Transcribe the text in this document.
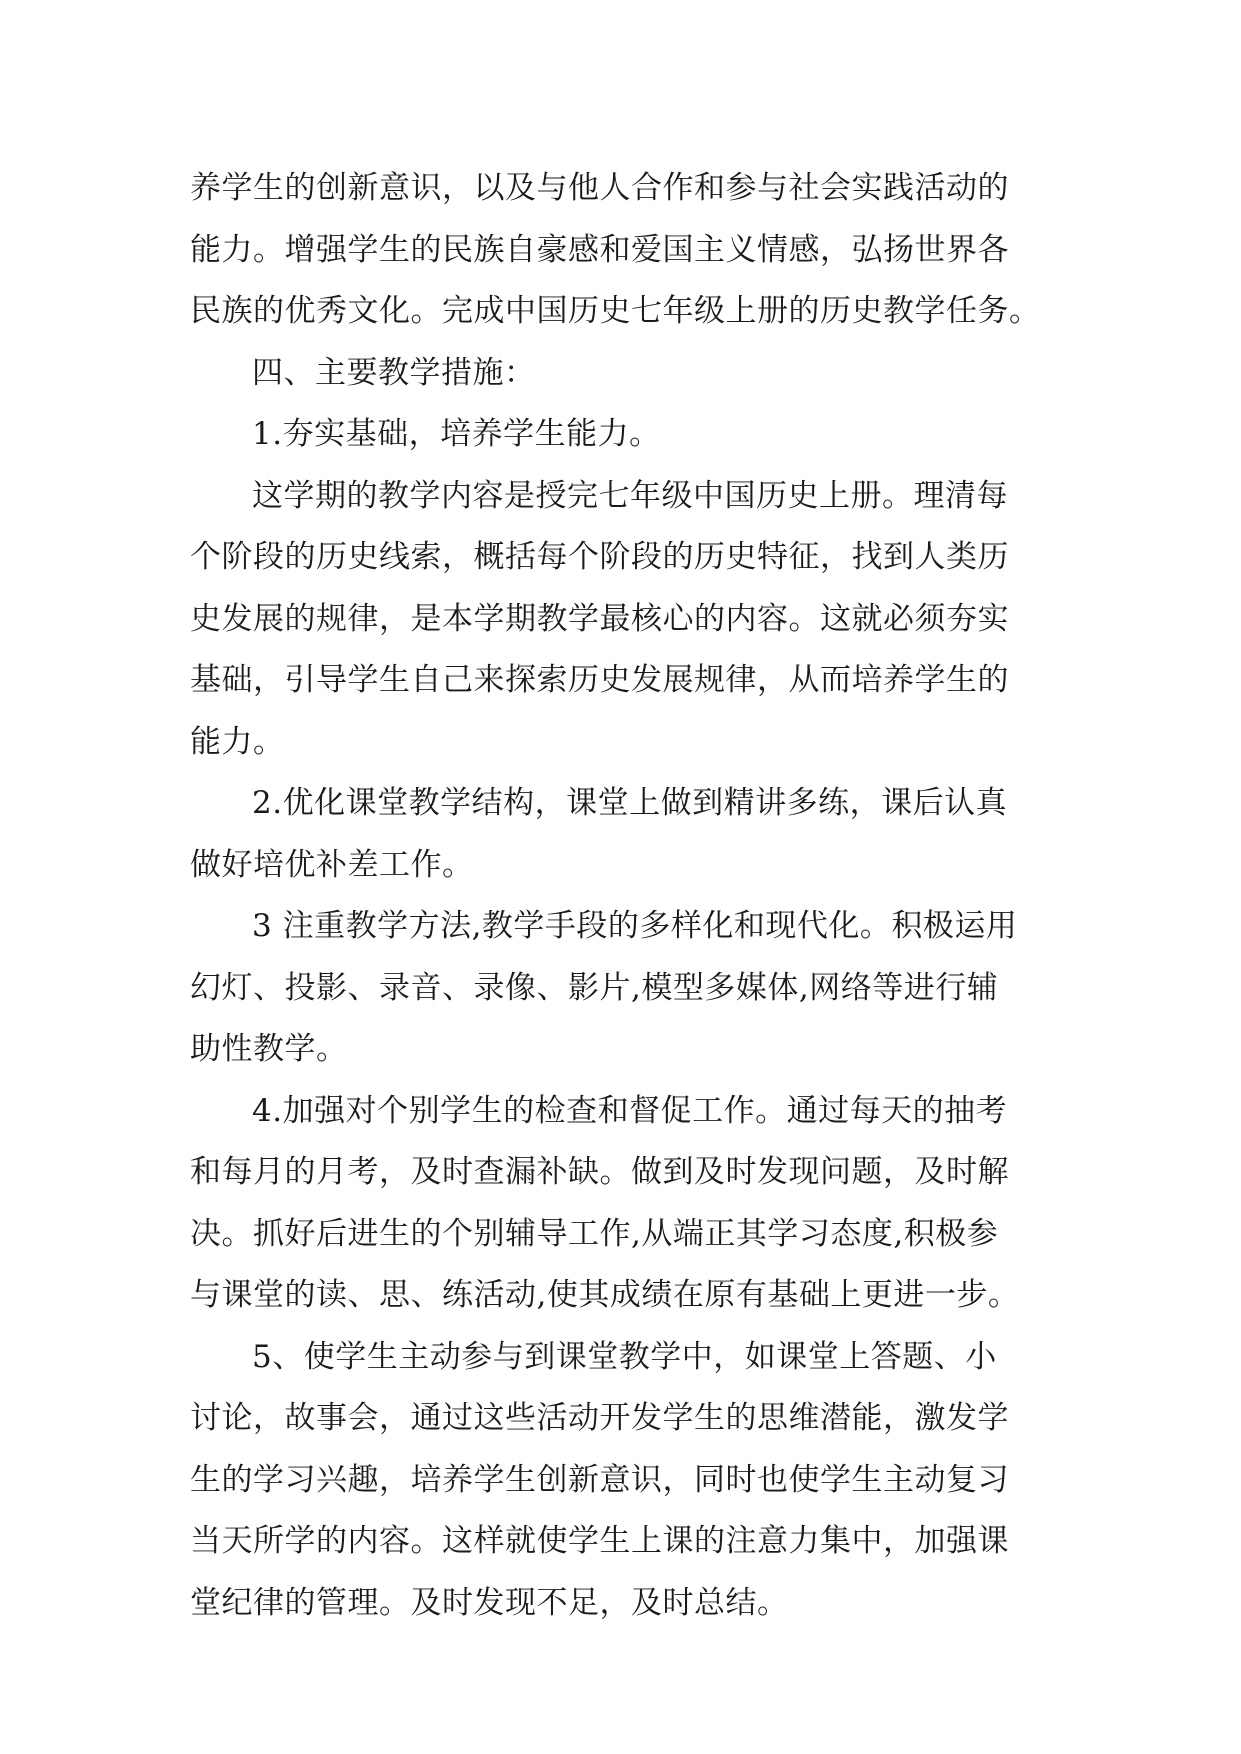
养学生的创新意识，以及与他人合作和参与社会实践活动的
能力。增强学生的民族自豪感和爱国主义情感，弘扬世界各
民族的优秀文化。完成中国历史七年级上册的历史教学任务。
四、主要教学措施：
1.夯实基础，培养学生能力。
这学期的教学内容是授完七年级中国历史上册。理清每
个阶段的历史线索，概括每个阶段的历史特征，找到人类历
史发展的规律，是本学期教学最核心的内容。这就必须夯实
基础，引导学生自己来探索历史发展规律，从而培养学生的
能力。
2.优化课堂教学结构，课堂上做到精讲多练，课后认真
做好培优补差工作。
3 注重教学方法,教学手段的多样化和现代化。积极运用
幻灯、投影、录音、录像、影片,模型多媒体,网络等进行辅
助性教学。
4.加强对个别学生的检查和督促工作。通过每天的抽考
和每月的月考，及时查漏补缺。做到及时发现问题，及时解
决。抓好后进生的个别辅导工作,从端正其学习态度,积极参
与课堂的读、思、练活动,使其成绩在原有基础上更进一步。
5、使学生主动参与到课堂教学中，如课堂上答题、小
讨论，故事会，通过这些活动开发学生的思维潜能，激发学
生的学习兴趣，培养学生创新意识，同时也使学生主动复习
当天所学的内容。这样就使学生上课的注意力集中，加强课
堂纪律的管理。及时发现不足，及时总结。
